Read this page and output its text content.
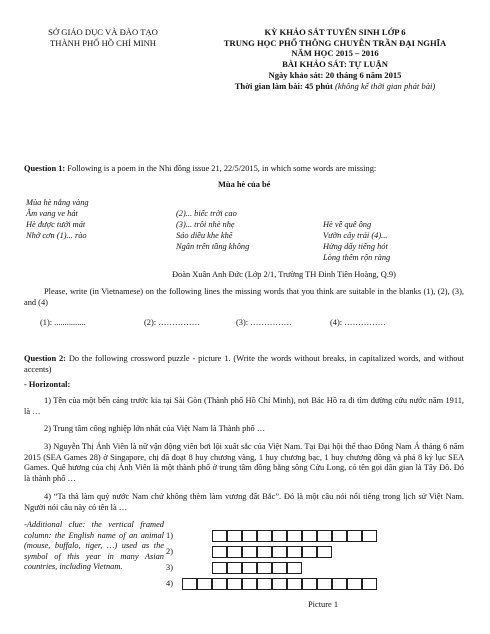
SỞ GIÁO DỤC VÀ ĐÀO TẠO
THÀNH PHỐ HỒ CHÍ MINH
KỲ KHẢO SÁT TUYỂN SINH LỚP 6
TRUNG HỌC PHỔ THÔNG CHUYÊN TRẦN ĐẠI NGHĨA
NĂM HỌC 2015 – 2016
BÀI KHẢO SÁT: TỰ LUẬN
Ngày khảo sát: 20 tháng 6 năm 2015
Thời gian làm bài: 45 phút (không kể thời gian phát bài)
Question 1: Following is a poem in the Nhi đồng issue 21, 22/5/2015, in which some words are missing:
Mùa hè của bé
Mùa hè nắng vàng
Âm vang ve hát
Hè được tưới mát
Nhớ cơn (1)... rào
(2)... biếc trời cao
(3)... trôi nhè nhẹ
Sáo diều khe khẽ
Ngân trên tầng không
Hè về quê ông
Vườn cây trái (4)...
Hửng dấy tiếng hót
Lòng thêm rộn ràng
Đoàn Xuân Anh Đức (Lớp 2/1, Trường TH Đinh Tiên Hoàng, Q.9)
Please, write (in Vietnamese) on the following lines the missing words that you think are suitable in the blanks (1), (2), (3), and (4)
(1): ...............	(2): ……………	(3): ……………	(4): ……………
Question 2: Do the following crossword puzzle - picture 1. (Write the words without breaks, in capitalized words, and without accents)
- Horizontal:
1) Tên của một bến cảng trước kia tại Sài Gòn (Thành phố Hồ Chí Minh), nơi Bác Hồ ra đi tìm đường cứu nước năm 1911, là …
2) Trung tâm công nghiệp lớn nhất của Việt Nam là Thành phố …
3) Nguyễn Thị Ánh Viên là nữ vận động viên bơi lội xuất sắc của Việt Nam. Tại Đại hội thể thao Đông Nam Á tháng 6 năm 2015 (SEA Games 28) ở Singapore, chị đã đoạt 8 huy chương vàng, 1 huy chương bạc, 1 huy chương đồng và phá 8 kỷ lục SEA Games. Quê hương của chị Ánh Viên là một thành phố ở trung tâm đồng bằng sông Cửu Long, có tên gọi dân gian là Tây Đô. Đó là thành phố …
4) “Ta thà làm quỷ nước Nam chứ không thèm làm vương đất Bắc”. Đó là một câu nói nổi tiếng trong lịch sử Việt Nam. Người nói câu này có tên là …
-Additional clue: the vertical framed column: the English name of an animal (mouse, buffalo, tiger, …) used as the symbol of this year in many Asian countries, including Vietnam.
1)
2)
3)
4)
Picture 1
